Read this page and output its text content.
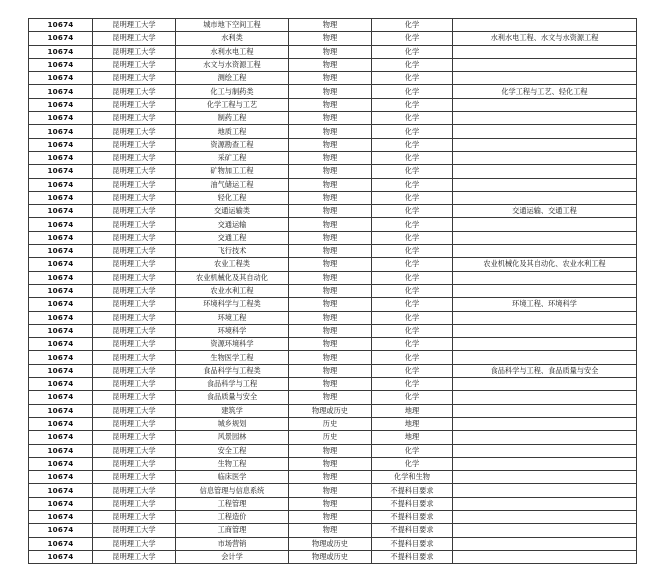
10674	昆明理工大学	城市地下空间工程	物理	化学	
10674	昆明理工大学	水利类	物理	化学	水利水电工程、水文与水资源工程
10674	昆明理工大学	水利水电工程	物理	化学	
10674	昆明理工大学	水文与水资源工程	物理	化学	
10674	昆明理工大学	测绘工程	物理	化学	
10674	昆明理工大学	化工与制药类	物理	化学	化学工程与工艺、轻化工程
10674	昆明理工大学	化学工程与工艺	物理	化学	
10674	昆明理工大学	制药工程	物理	化学	
10674	昆明理工大学	地质工程	物理	化学	
10674	昆明理工大学	资源勘查工程	物理	化学	
10674	昆明理工大学	采矿工程	物理	化学	
10674	昆明理工大学	矿物加工工程	物理	化学	
10674	昆明理工大学	油气储运工程	物理	化学	
10674	昆明理工大学	轻化工程	物理	化学	
10674	昆明理工大学	交通运输类	物理	化学	交通运输、交通工程
10674	昆明理工大学	交通运输	物理	化学	
10674	昆明理工大学	交通工程	物理	化学	
10674	昆明理工大学	飞行技术	物理	化学	
10674	昆明理工大学	农业工程类	物理	化学	农业机械化及其自动化、农业水利工程
10674	昆明理工大学	农业机械化及其自动化	物理	化学	
10674	昆明理工大学	农业水利工程	物理	化学	
10674	昆明理工大学	环境科学与工程类	物理	化学	环境工程、环境科学
10674	昆明理工大学	环境工程	物理	化学	
10674	昆明理工大学	环境科学	物理	化学	
10674	昆明理工大学	资源环境科学	物理	化学	
10674	昆明理工大学	生物医学工程	物理	化学	
10674	昆明理工大学	食品科学与工程类	物理	化学	食品科学与工程、食品质量与安全
10674	昆明理工大学	食品科学与工程	物理	化学	
10674	昆明理工大学	食品质量与安全	物理	化学	
10674	昆明理工大学	建筑学	物理或历史	地理	
10674	昆明理工大学	城乡规划	历史	地理	
10674	昆明理工大学	风景园林	历史	地理	
10674	昆明理工大学	安全工程	物理	化学	
10674	昆明理工大学	生物工程	物理	化学	
10674	昆明理工大学	临床医学	物理	化学和生物	
10674	昆明理工大学	信息管理与信息系统	物理	不提科目要求	
10674	昆明理工大学	工程管理	物理	不提科目要求	
10674	昆明理工大学	工程造价	物理	不提科目要求	
10674	昆明理工大学	工商管理	物理	不提科目要求	
10674	昆明理工大学	市场营销	物理或历史	不提科目要求	
10674	昆明理工大学	会计学	物理或历史	不提科目要求	
